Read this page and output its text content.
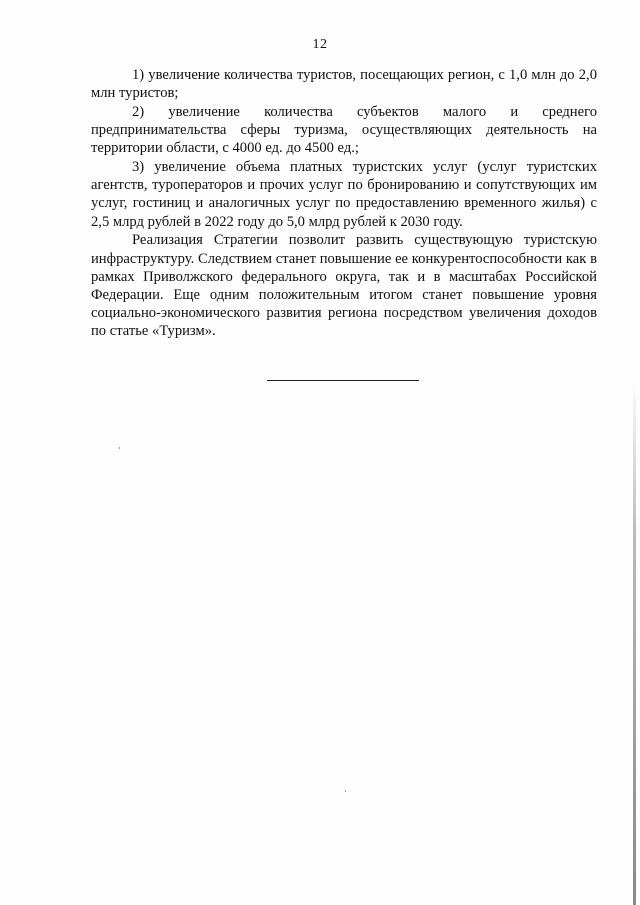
12

1) увеличение количества туристов, посещающих регион, с 1,0 млн до 2,0 млн туристов;

2) увеличение количества субъектов малого и среднего предпринимательства сферы туризма, осуществляющих деятельность на территории области, с 4000 ед. до 4500 ед.;

3) увеличение объема платных туристских услуг (услуг туристских агентств, туроператоров и прочих услуг по бронированию и сопутствующих им услуг, гостиниц и аналогичных услуг по предоставлению временного жилья) с 2,5 млрд рублей в 2022 году до 5,0 млрд рублей к 2030 году.

Реализация Стратегии позволит развить существующую туристскую инфраструктуру. Следствием станет повышение ее конкурентоспособности как в рамках Приволжского федерального округа, так и в масштабах Российской Федерации. Еще одним положительным итогом станет повышение уровня социально-экономического развития региона посредством увеличения доходов по статье «Туризм».
